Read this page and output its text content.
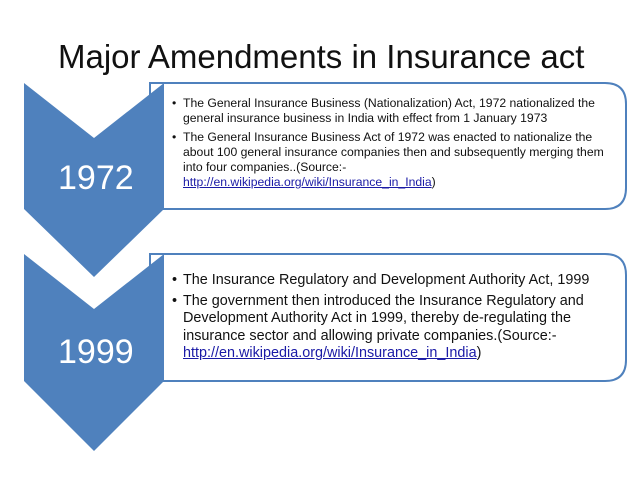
Major Amendments in Insurance act
1972
1999
• The General Insurance Business (Nationalization) Act, 1972 nationalized the general insurance business in India with effect from 1 January 1973
• The General Insurance Business Act of 1972 was enacted to nationalize the about 100 general insurance companies then and subsequently merging them into four companies..(Source:-
http://en.wikipedia.org/wiki/Insurance_in_India)
• The Insurance Regulatory and Development Authority Act, 1999
• The government then introduced the Insurance Regulatory and Development Authority Act in 1999, thereby de-regulating the insurance sector and allowing private companies.(Source:-
http://en.wikipedia.org/wiki/Insurance_in_India)
